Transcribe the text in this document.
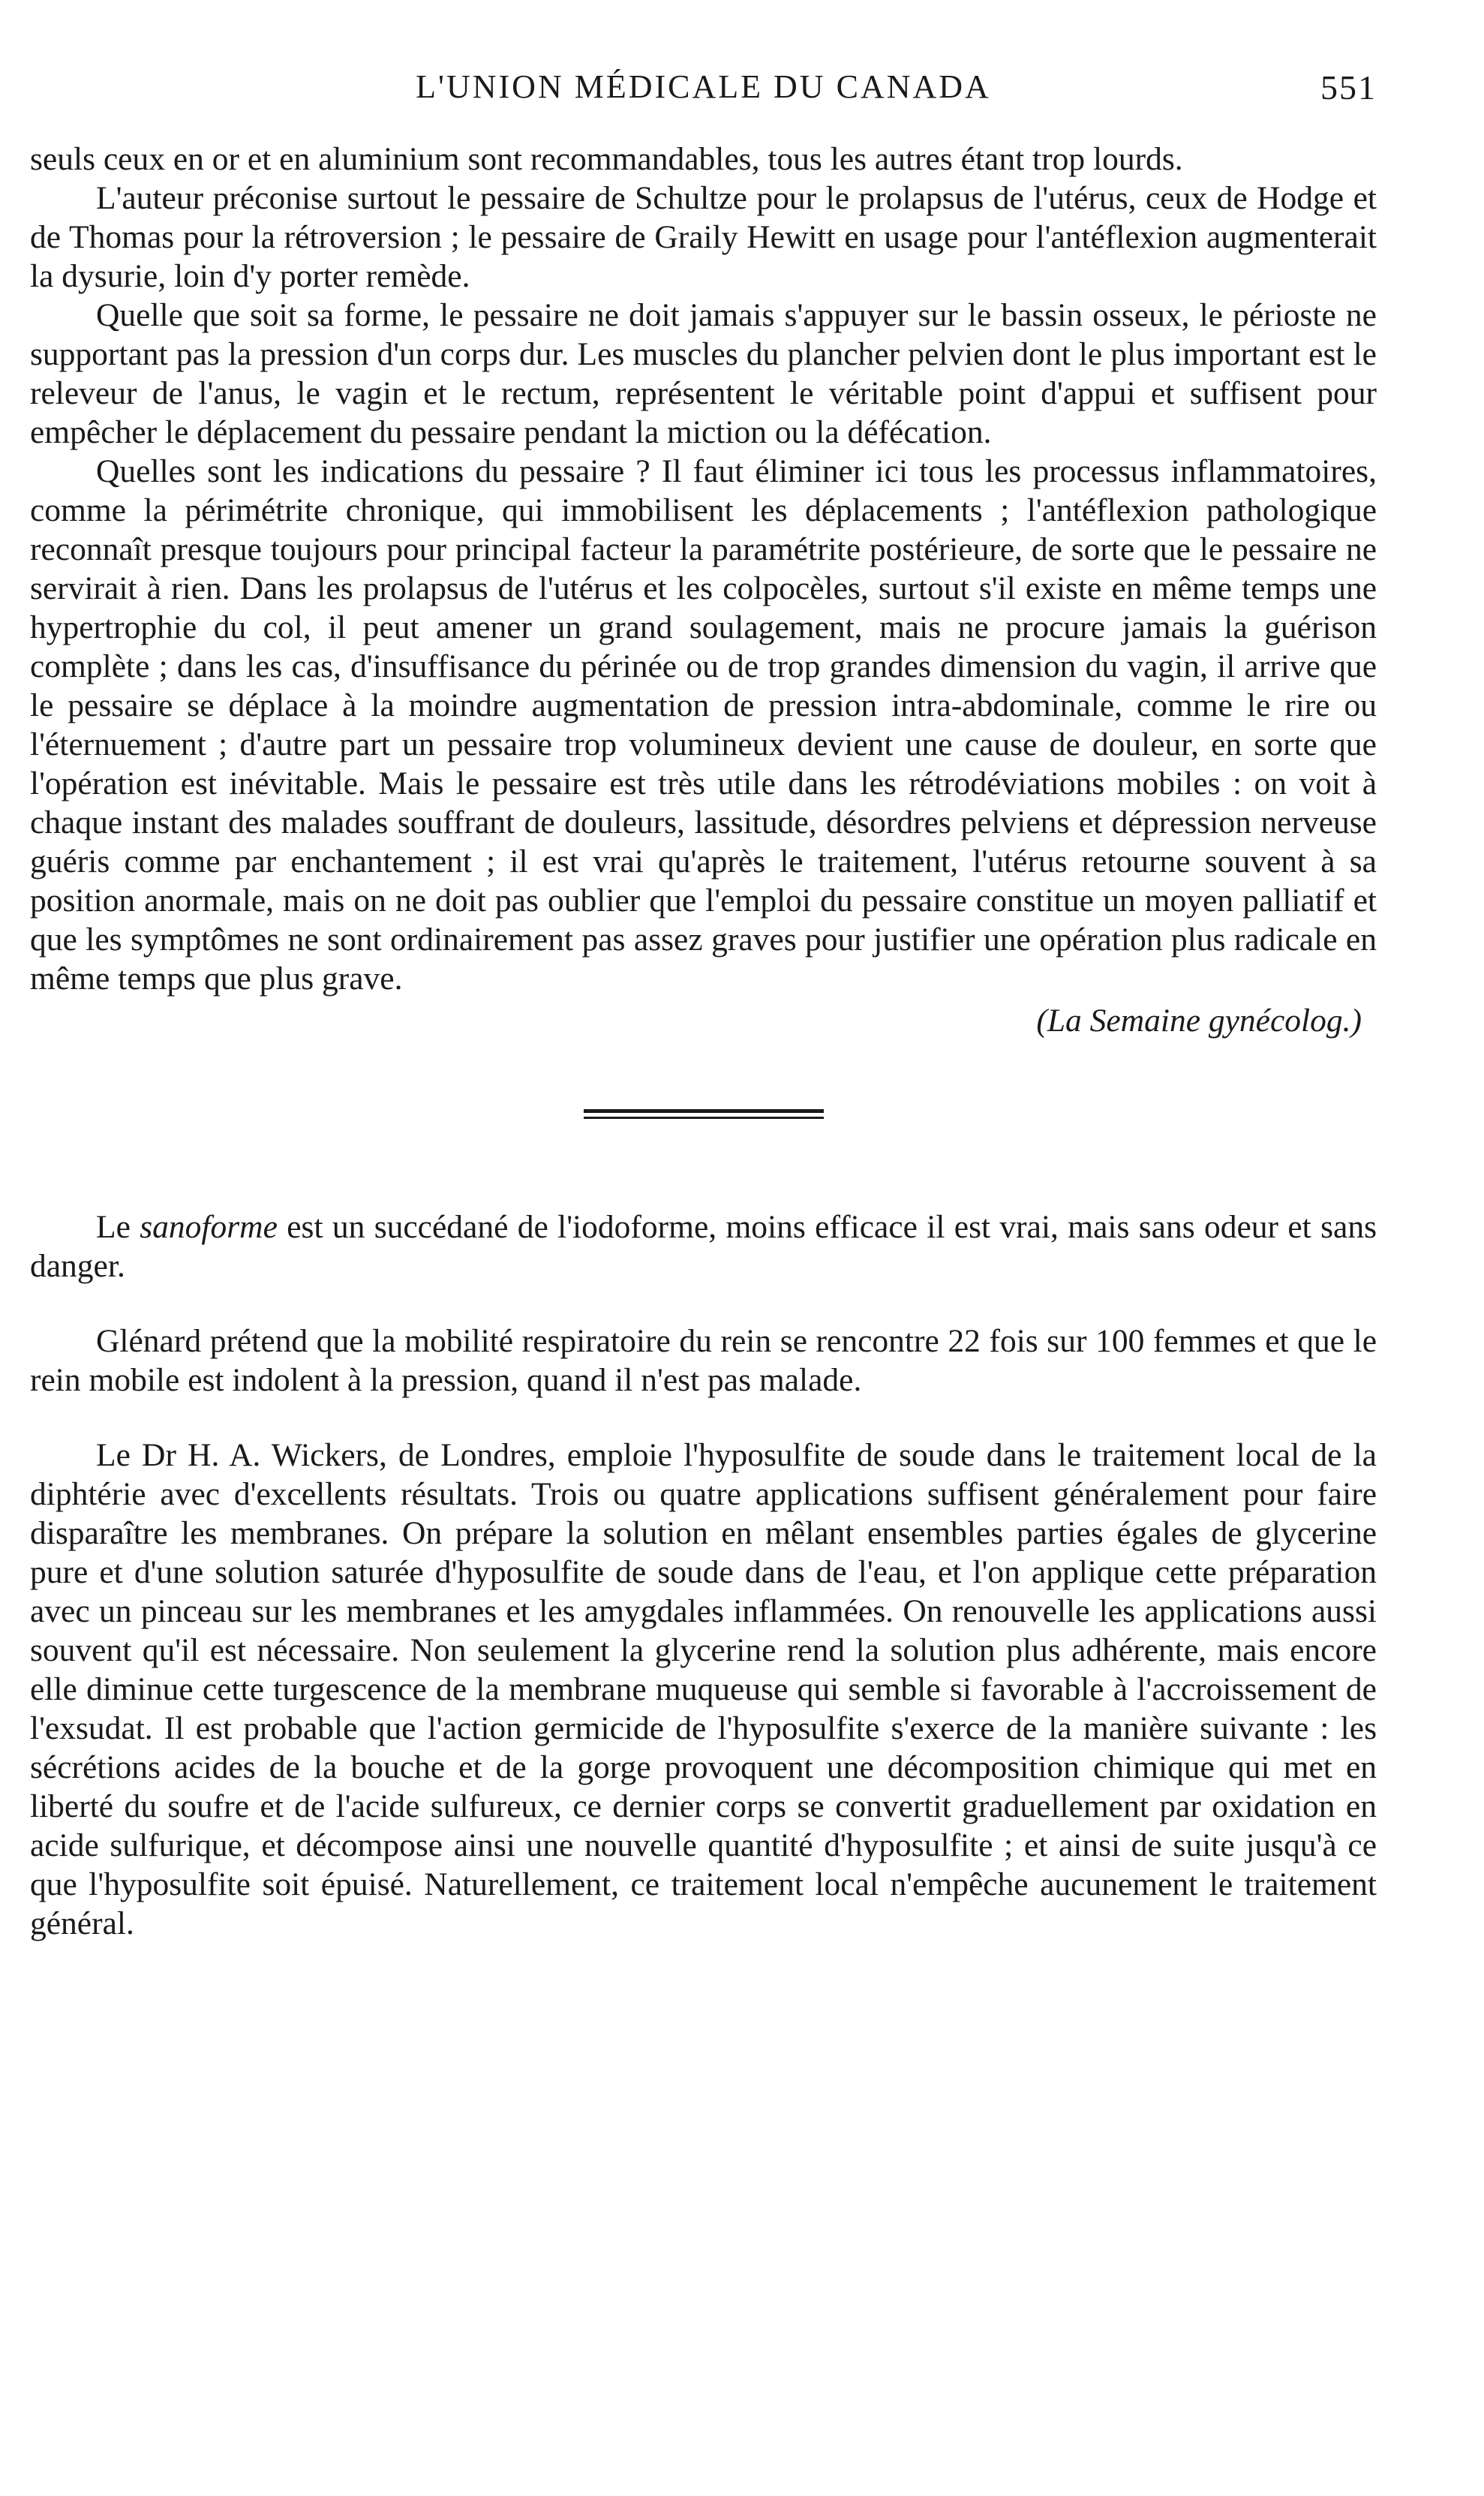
L'UNION MÉDICALE DU CANADA	551

seuls ceux en or et en aluminium sont recommandables, tous les autres étant trop lourds.

L'auteur préconise surtout le pessaire de Schultze pour le prolapsus de l'utérus, ceux de Hodge et de Thomas pour la rétroversion ; le pessaire de Graily Hewitt en usage pour l'antéflexion augmenterait la dysurie, loin d'y porter remède.

Quelle que soit sa forme, le pessaire ne doit jamais s'appuyer sur le bassin osseux, le périoste ne supportant pas la pression d'un corps dur. Les muscles du plancher pelvien dont le plus important est le releveur de l'anus, le vagin et le rectum, représentent le véritable point d'appui et suffisent pour empêcher le déplacement du pessaire pendant la miction ou la défécation.

Quelles sont les indications du pessaire ? Il faut éliminer ici tous les processus inflammatoires, comme la périmétrite chronique, qui immobilisent les déplacements ; l'antéflexion pathologique reconnaît presque toujours pour principal facteur la paramétrite postérieure, de sorte que le pessaire ne servirait à rien. Dans les prolapsus de l'utérus et les colpocèles, surtout s'il existe en même temps une hypertrophie du col, il peut amener un grand soulagement, mais ne procure jamais la guérison complète ; dans les cas, d'insuffisance du périnée ou de trop grandes dimension du vagin, il arrive que le pessaire se déplace à la moindre augmentation de pression intra-abdominale, comme le rire ou l'éternuement ; d'autre part un pessaire trop volumineux devient une cause de douleur, en sorte que l'opération est inévitable. Mais le pessaire est très utile dans les rétrodéviations mobiles : on voit à chaque instant des malades souffrant de douleurs, lassitude, désordres pelviens et dépression nerveuse guéris comme par enchantement ; il est vrai qu'après le traitement, l'utérus retourne souvent à sa position anormale, mais on ne doit pas oublier que l'emploi du pessaire constitue un moyen palliatif et que les symptômes ne sont ordinairement pas assez graves pour justifier une opération plus radicale en même temps que plus grave.

(La Semaine gynécolog.)

Le sanoforme est un succédané de l'iodoforme, moins efficace il est vrai, mais sans odeur et sans danger.

Glénard prétend que la mobilité respiratoire du rein se rencontre 22 fois sur 100 femmes et que le rein mobile est indolent à la pression, quand il n'est pas malade.

Le Dr H. A. Wickers, de Londres, emploie l'hyposulfite de soude dans le traitement local de la diphtérie avec d'excellents résultats. Trois ou quatre applications suffisent généralement pour faire disparaître les membranes. On prépare la solution en mêlant ensembles parties égales de glycerine pure et d'une solution saturée d'hyposulfite de soude dans de l'eau, et l'on applique cette préparation avec un pinceau sur les membranes et les amygdales inflammées. On renouvelle les applications aussi souvent qu'il est nécessaire. Non seulement la glycerine rend la solution plus adhérente, mais encore elle diminue cette turgescence de la membrane muqueuse qui semble si favorable à l'accroissement de l'exsudat. Il est probable que l'action germicide de l'hyposulfite s'exerce de la manière suivante : les sécrétions acides de la bouche et de la gorge provoquent une décomposition chimique qui met en liberté du soufre et de l'acide sulfureux, ce dernier corps se convertit graduellement par oxidation en acide sulfurique, et décompose ainsi une nouvelle quantité d'hyposulfite ; et ainsi de suite jusqu'à ce que l'hyposulfite soit épuisé. Naturellement, ce traitement local n'empêche aucunement le traitement général.
